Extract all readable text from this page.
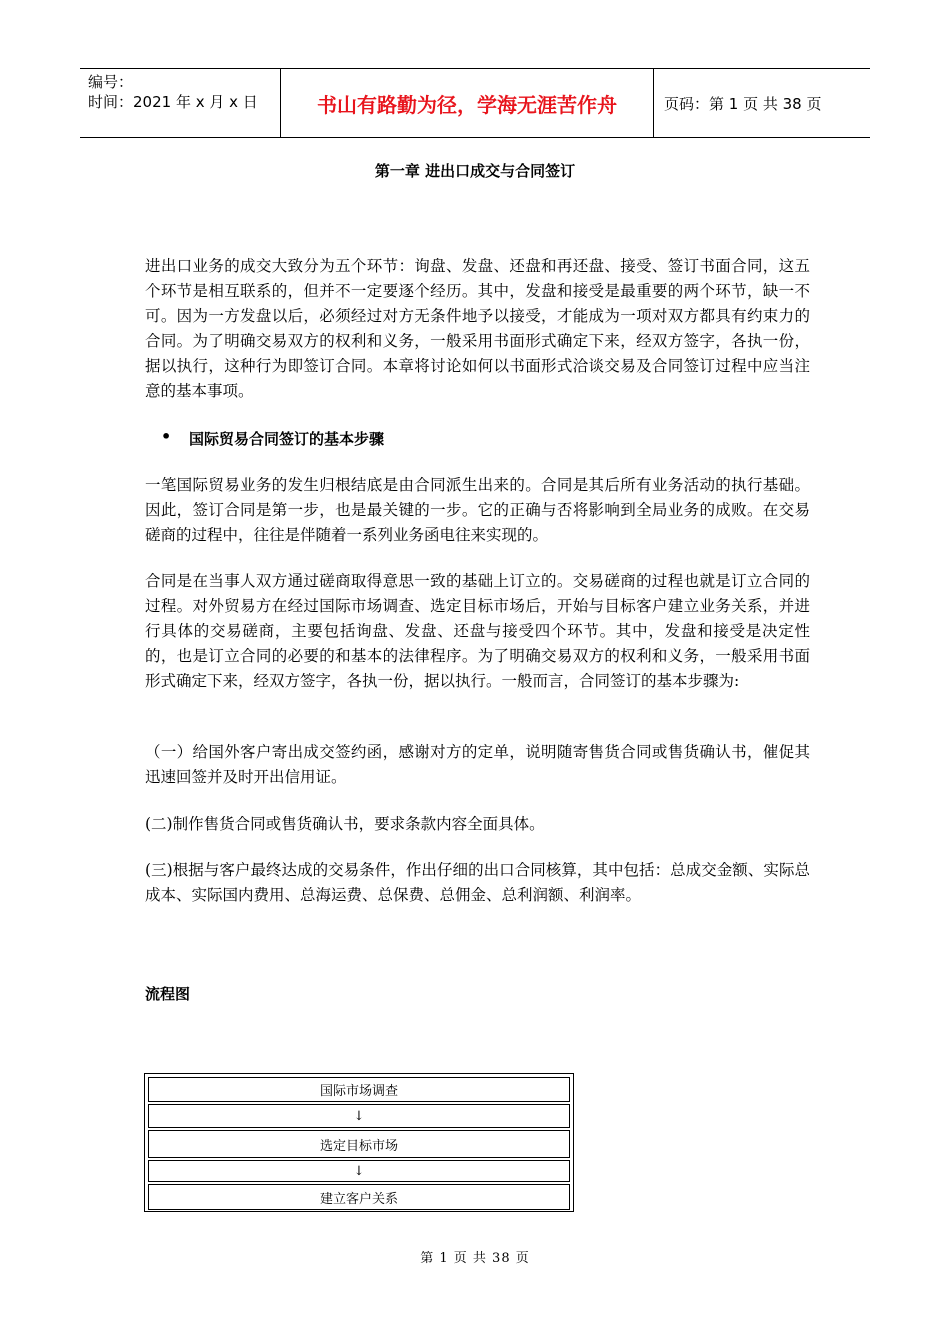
编号：
时间：2021 年 x 月 x 日	书山有路勤为径，学海无涯苦作舟	页码：第 1 页 共 38 页
第一章 进出口成交与合同签订

进出口业务的成交大致分为五个环节：询盘、发盘、还盘和再还盘、接受、签订书面合同，这五个环节是相互联系的，但并不一定要逐个经历。其中，发盘和接受是最重要的两个环节，缺一不可。因为一方发盘以后，必须经过对方无条件地予以接受，才能成为一项对双方都具有约束力的合同。为了明确交易双方的权利和义务，一般采用书面形式确定下来，经双方签字，各执一份，据以执行，这种行为即签订合同。本章将讨论如何以书面形式洽谈交易及合同签订过程中应当注意的基本事项。

• 国际贸易合同签订的基本步骤

一笔国际贸易业务的发生归根结底是由合同派生出来的。合同是其后所有业务活动的执行基础。因此，签订合同是第一步，也是最关键的一步。它的正确与否将影响到全局业务的成败。在交易磋商的过程中，往往是伴随着一系列业务函电往来实现的。

合同是在当事人双方通过磋商取得意思一致的基础上订立的。交易磋商的过程也就是订立合同的过程。对外贸易方在经过国际市场调查、选定目标市场后，开始与目标客户建立业务关系，并进行具体的交易磋商，主要包括询盘、发盘、还盘与接受四个环节。其中，发盘和接受是决定性的，也是订立合同的必要的和基本的法律程序。为了明确交易双方的权利和义务，一般采用书面形式确定下来，经双方签字，各执一份，据以执行。一般而言，合同签订的基本步骤为:

（一）给国外客户寄出成交签约函，感谢对方的定单，说明随寄售货合同或售货确认书，催促其迅速回签并及时开出信用证。

(二)制作售货合同或售货确认书，要求条款内容全面具体。

(三)根据与客户最终达成的交易条件，作出仔细的出口合同核算，其中包括：总成交金额、实际总成本、实际国内费用、总海运费、总保费、总佣金、总利润额、利润率。

流程图
国际市场调查
↓
选定目标市场
↓
建立客户关系
第 1 页 共 38 页
